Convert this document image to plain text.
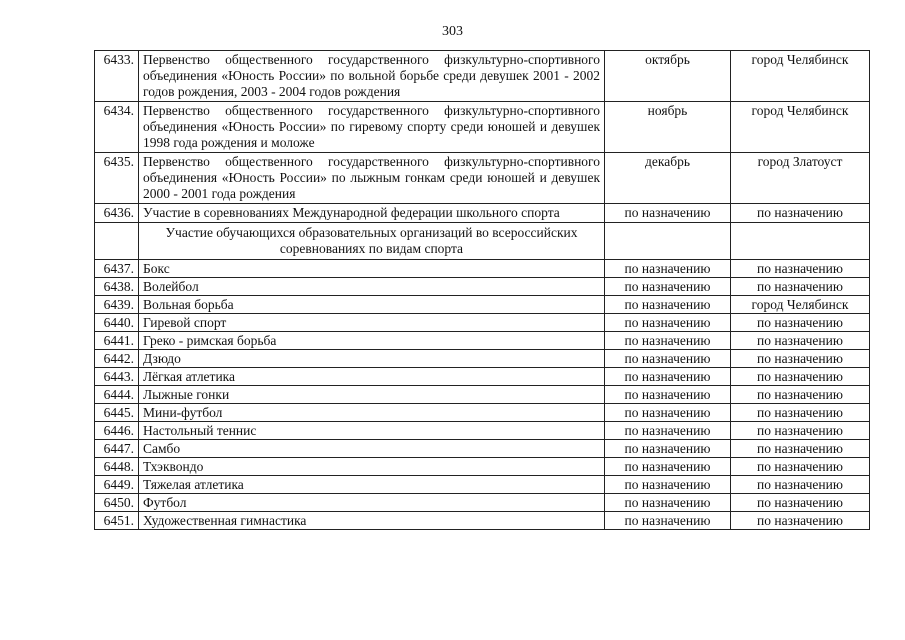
303
6433.	Первенство общественного государственного физкультурно-спортивного объединения «Юность России» по вольной борьбе среди девушек 2001 - 2002 годов рождения, 2003 - 2004 годов рождения	октябрь	город Челябинск
6434.	Первенство общественного государственного физкультурно-спортивного объединения «Юность России» по гиревому спорту среди юношей и девушек 1998 года рождения и моложе	ноябрь	город Челябинск
6435.	Первенство общественного государственного физкультурно-спортивного объединения «Юность России» по лыжным гонкам среди юношей и девушек 2000 - 2001 года рождения	декабрь	город Златоуст
6436.	Участие в соревнованиях Международной федерации школьного спорта	по назначению	по назначению
	Участие обучающихся образовательных организаций во всероссийских соревнованиях по видам спорта		
6437.	Бокс	по назначению	по назначению
6438.	Волейбол	по назначению	по назначению
6439.	Вольная борьба	по назначению	город Челябинск
6440.	Гиревой спорт	по назначению	по назначению
6441.	Греко - римская борьба	по назначению	по назначению
6442.	Дзюдо	по назначению	по назначению
6443.	Лёгкая атлетика	по назначению	по назначению
6444.	Лыжные гонки	по назначению	по назначению
6445.	Мини-футбол	по назначению	по назначению
6446.	Настольный теннис	по назначению	по назначению
6447.	Самбо	по назначению	по назначению
6448.	Тхэквондо	по назначению	по назначению
6449.	Тяжелая атлетика	по назначению	по назначению
6450.	Футбол	по назначению	по назначению
6451.	Художественная гимнастика	по назначению	по назначению
